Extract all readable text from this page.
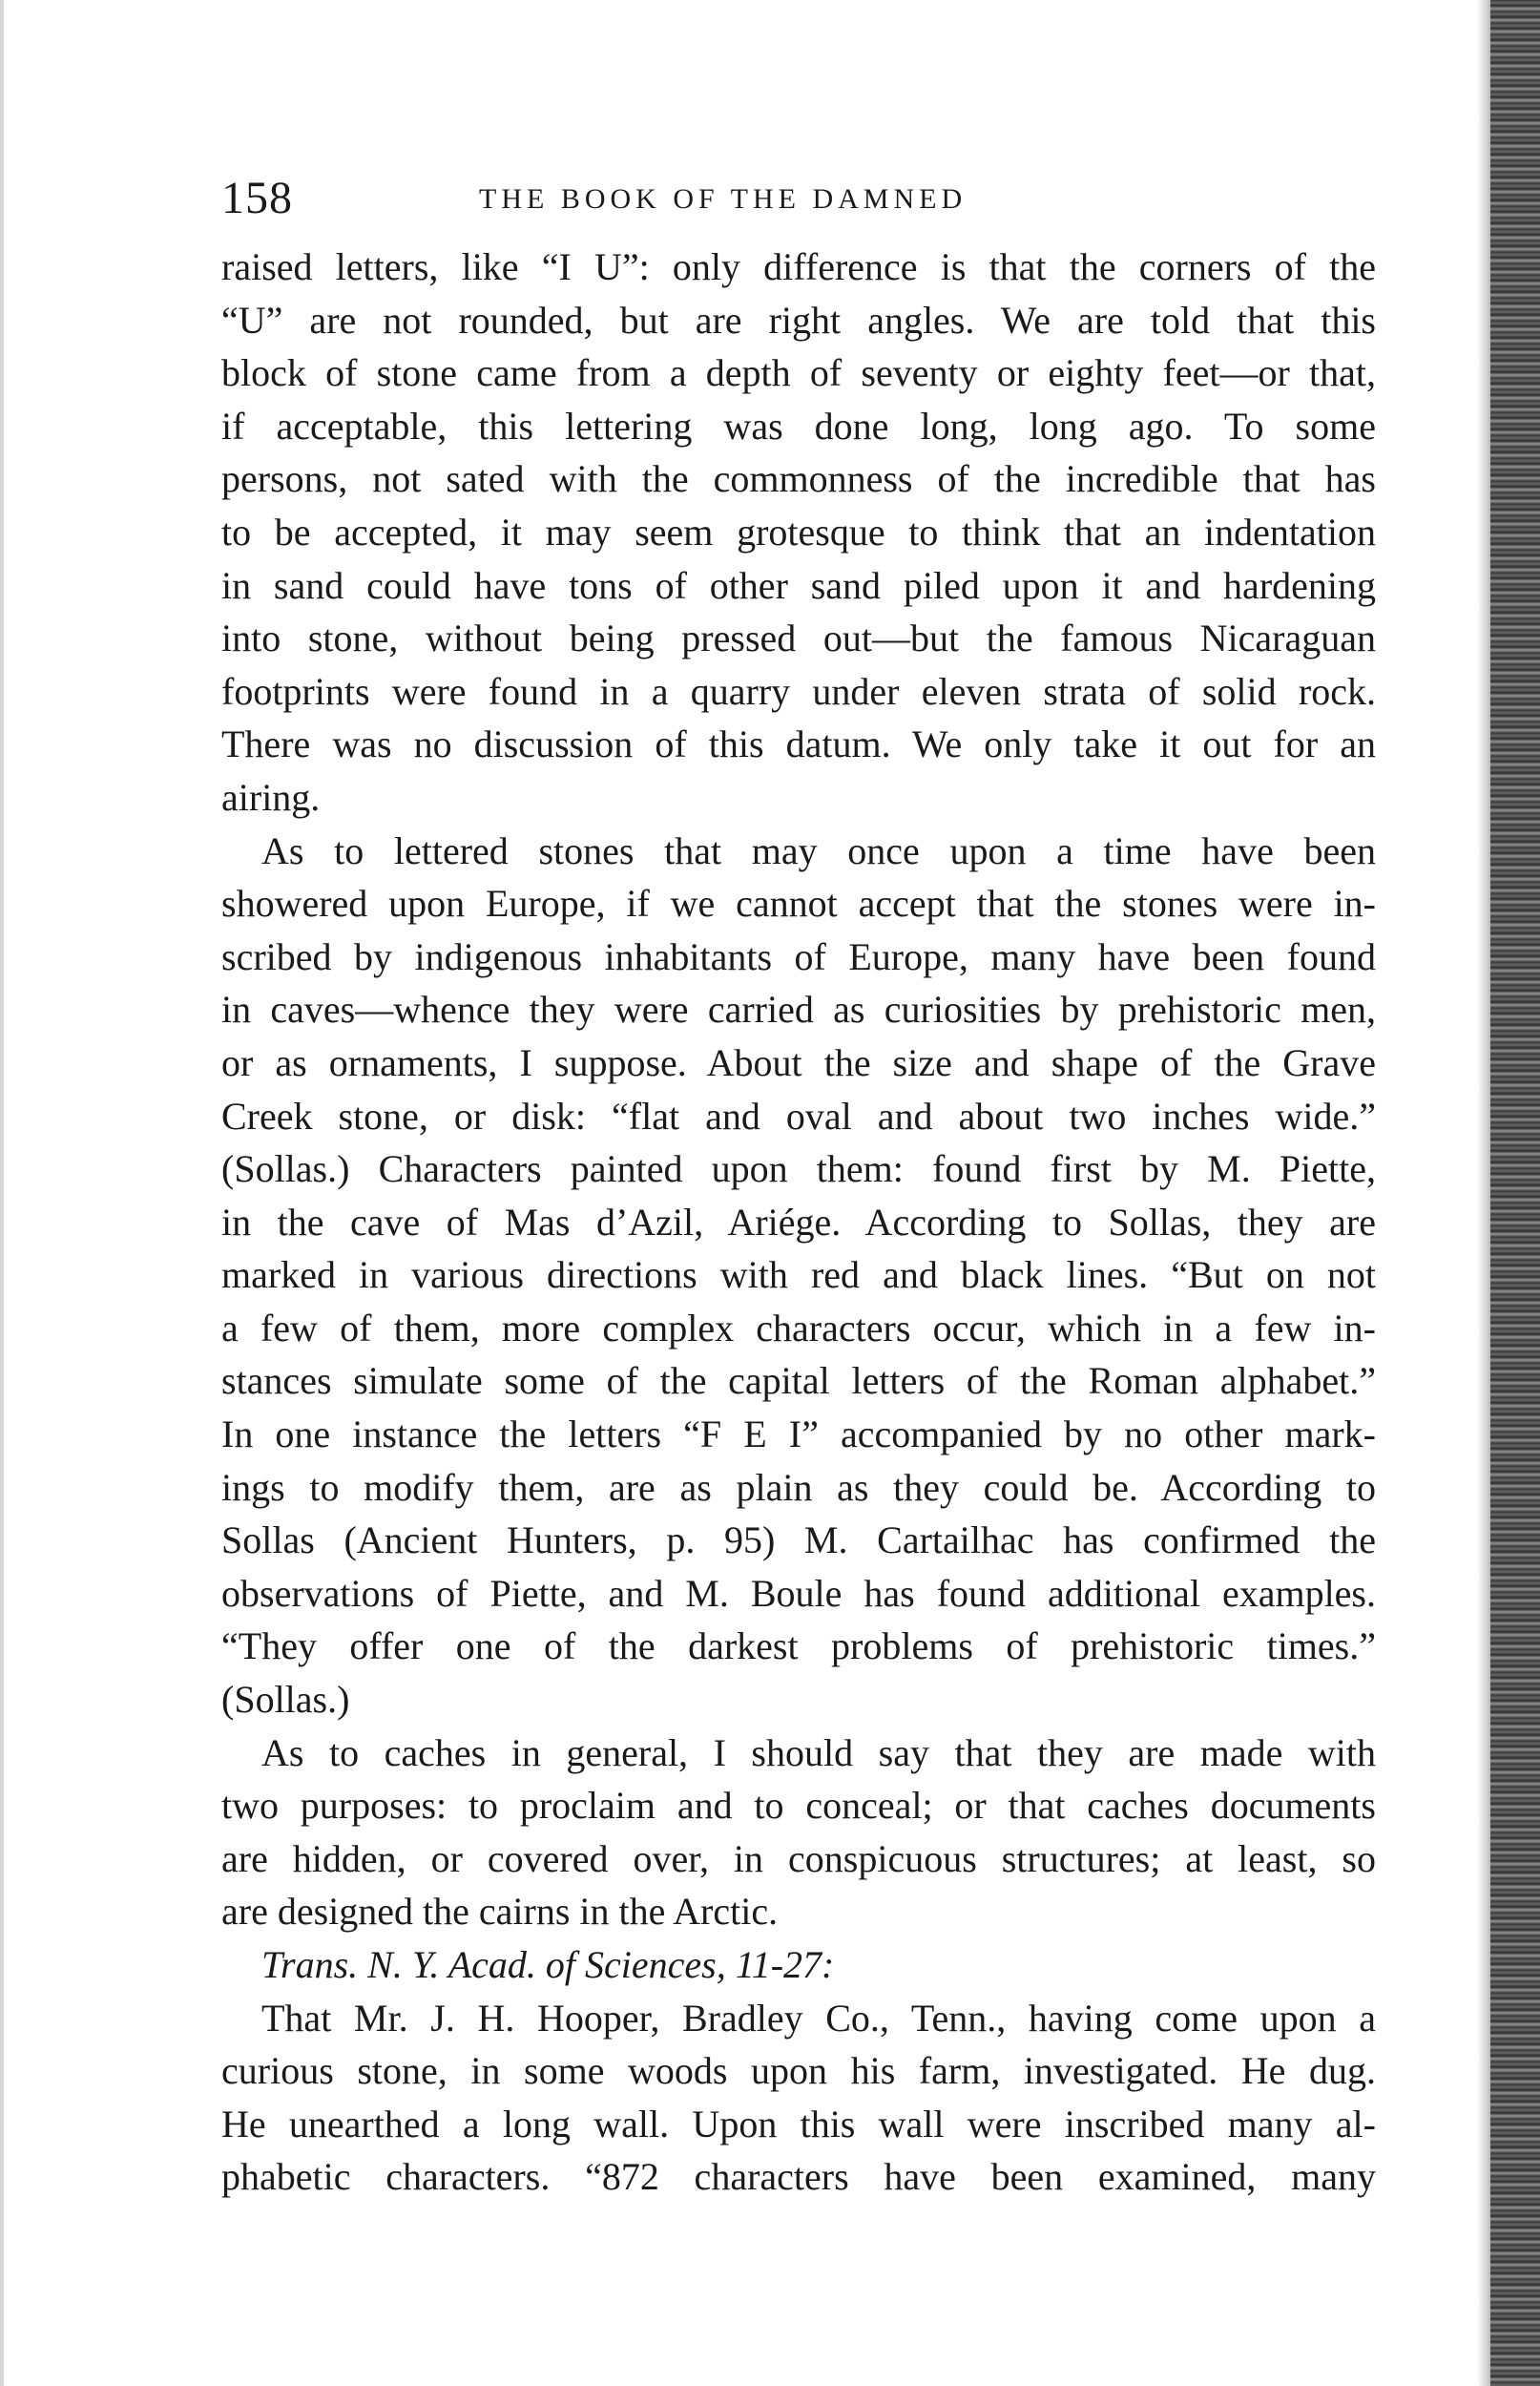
158	THE BOOK OF THE DAMNED
raised letters, like “I U”: only difference is that the corners of the
“U” are not rounded, but are right angles. We are told that this
block of stone came from a depth of seventy or eighty feet—or that,
if acceptable, this lettering was done long, long ago. To some
persons, not sated with the commonness of the incredible that has
to be accepted, it may seem grotesque to think that an indentation
in sand could have tons of other sand piled upon it and hardening
into stone, without being pressed out—but the famous Nicaraguan
footprints were found in a quarry under eleven strata of solid rock.
There was no discussion of this datum. We only take it out for an
airing.
As to lettered stones that may once upon a time have been
showered upon Europe, if we cannot accept that the stones were in-
scribed by indigenous inhabitants of Europe, many have been found
in caves—whence they were carried as curiosities by prehistoric men,
or as ornaments, I suppose. About the size and shape of the Grave
Creek stone, or disk: “flat and oval and about two inches wide.”
(Sollas.) Characters painted upon them: found first by M. Piette,
in the cave of Mas d’Azil, Ariége. According to Sollas, they are
marked in various directions with red and black lines. “But on not
a few of them, more complex characters occur, which in a few in-
stances simulate some of the capital letters of the Roman alphabet.”
In one instance the letters “F E I” accompanied by no other mark-
ings to modify them, are as plain as they could be. According to
Sollas (Ancient Hunters, p. 95) M. Cartailhac has confirmed the
observations of Piette, and M. Boule has found additional examples.
“They offer one of the darkest problems of prehistoric times.”
(Sollas.)
As to caches in general, I should say that they are made with
two purposes: to proclaim and to conceal; or that caches documents
are hidden, or covered over, in conspicuous structures; at least, so
are designed the cairns in the Arctic.
Trans. N. Y. Acad. of Sciences, 11-27:
That Mr. J. H. Hooper, Bradley Co., Tenn., having come upon a
curious stone, in some woods upon his farm, investigated. He dug.
He unearthed a long wall. Upon this wall were inscribed many al-
phabetic characters. “872 characters have been examined, many
